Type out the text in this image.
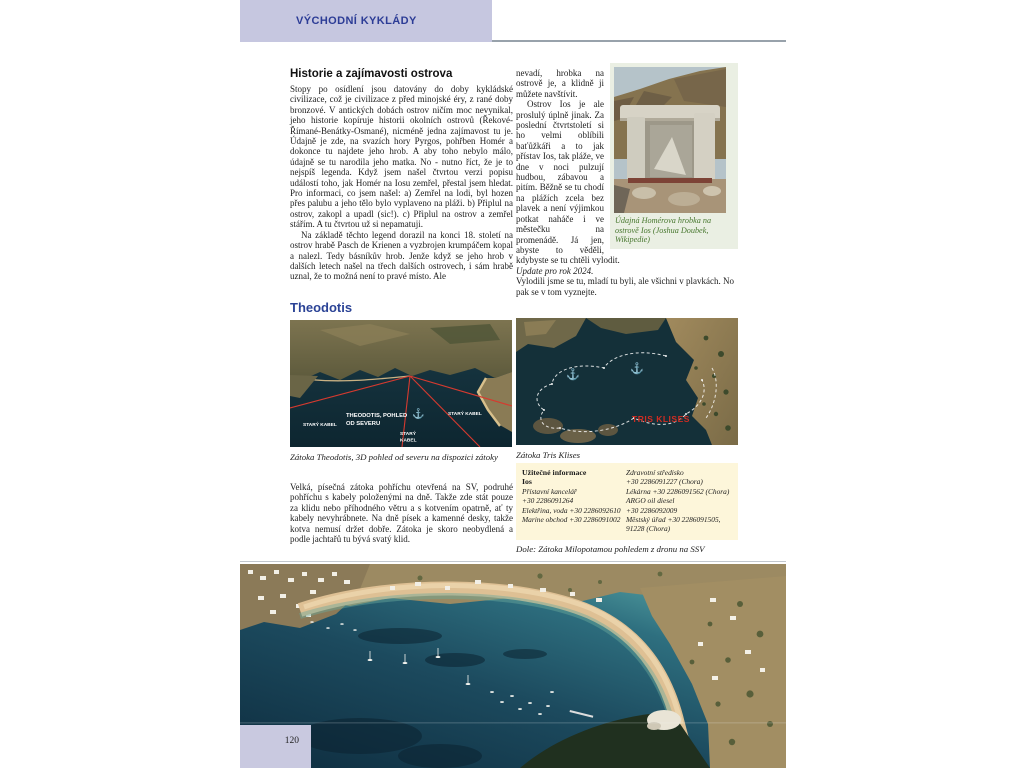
VÝCHODNÍ KYKLÁDY
Historie a zajímavosti ostrova

Stopy po osídlení jsou datovány do doby kykládské civilizace, což je civilizace z před minojské éry, z rané doby bronzové. V antických dobách ostrov ničím moc nevynikal, jeho historie kopíruje historii okolních ostrovů (Řekové-Římané-Benátky-Osmané), nicméně jedna zajímavost tu je. Údajně je zde, na svazích hory Pyrgos, pohřben Homér a dokonce tu najdete jeho hrob. A aby toho nebylo málo, údajně se tu narodila jeho matka. No - nutno říct, že je to nejspíš legenda. Když jsem našel čtvrtou verzi popisu událostí toho, jak Homér na Iosu zemřel, přestal jsem hledat. Pro informaci, co jsem našel: a) Zemřel na lodi, byl hozen přes palubu a jeho tělo bylo vyplaveno na pláži. b) Připlul na ostrov, zakopl a upadl (sic!). c) Připlul na ostrov a zemřel stářím. A tu čtvrtou už si nepamatuji.

Na základě těchto legend dorazil na konci 18. století na ostrov hrabě Pasch de Krienen a vyzbrojen krumpáčem kopal a nalezl. Tedy básníkův hrob. Jenže když se jeho hrob v dalších letech našel na třech dalších ostrovech, i sám hrabě uznal, že to možná není to pravé místo. Ale

Údajná Homérova hrobka na ostrově Ios (Joshua Doubek, Wikipedie)

nevadí, hrobka na ostrově je, a klidně ji můžete navštívit.

Ostrov Ios je ale proslulý úplně jinak. Za poslední čtvrtstoletí si ho velmi oblíbili baťůžkáři a to jak přístav Ios, tak pláže, ve dne v noci pulzují hudbou, zábavou a pitím. Běžně se tu chodí na plážích zcela bez plavek a není výjimkou potkat naháče i ve městečku na promenádě. Já jen, abyste to věděli, kdybyste se tu chtěli vylodit.

Update pro rok 2024.

Vylodili jsme se tu, mladí tu byli, ale všichni v plavkách. No pak se v tom vyznejte.

Theodotis
⚓
STARÝ KABEL
THEODOTIS, POHLED
OD SEVERU
STARÝ
KABEL
STARÝ KABEL
Zátoka Theodotis, 3D pohled od severu na dispozici zátoky

Velká, písečná zátoka pohříchu otevřená na SV, podruhé pohříchu s kabely položenými na dně. Takže zde stát pouze za klidu nebo příhodného větru a s kotvením opatrně, ať ty kabely nevyhrábnete. Na dně písek a kamenné desky, takže kotva nemusí držet dobře. Zátoka je skoro neobydlená a podle jachtařů tu bývá svatý klid.

⚓	⚓
TRIS KLISES
Zátoka Tris Klises
Užitečné informace
Ios
Přístavní kancelář
+30 2286091264
Elektřina, voda +30 2286092610
Marine obchod +30 2286091002
Zdravotní středisko
+30 2286091227 (Chora)
Lékárna +30 2286091562 (Chora)
ARGO oil diesel
+30 2286092009
Městský úřad +30 2286091505, 91228 (Chora)
Dole: Zátoka Milopotamou pohledem z dronu na SSV
120
